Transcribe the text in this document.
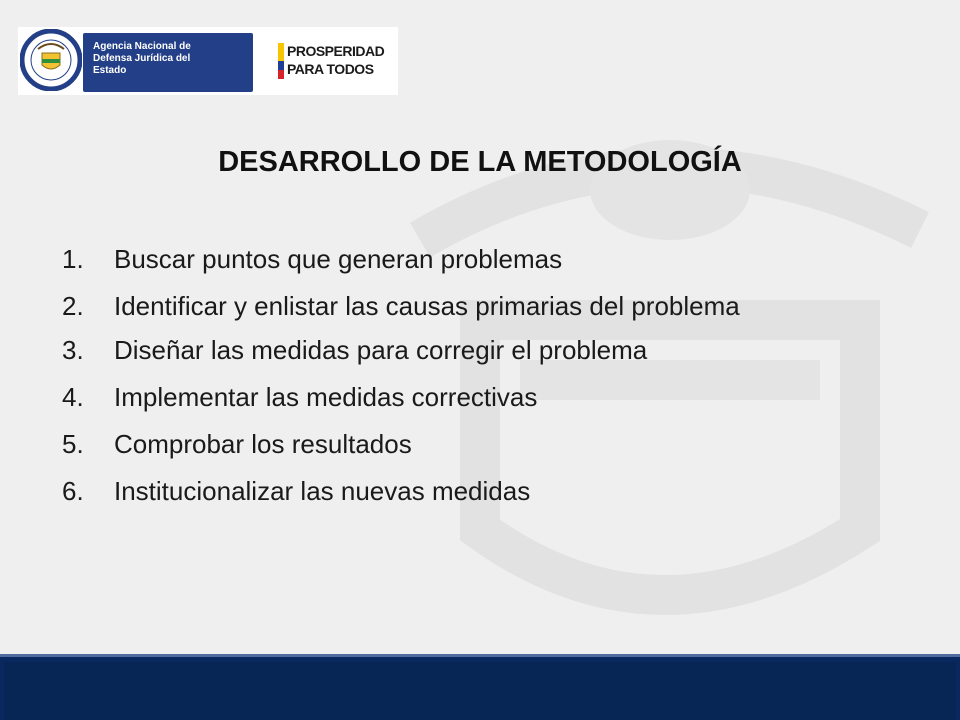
Agencia Nacional de
Defensa Jurídica del
Estado
PROSPERIDAD
PARA TODOS
DESARROLLO DE LA METODOLOGÍA
1. Buscar puntos que generan problemas
2. Identificar y enlistar las causas primarias del problema
3. Diseñar las medidas para corregir el problema
4. Implementar las medidas correctivas
5. Comprobar los resultados
6. Institucionalizar las nuevas medidas
